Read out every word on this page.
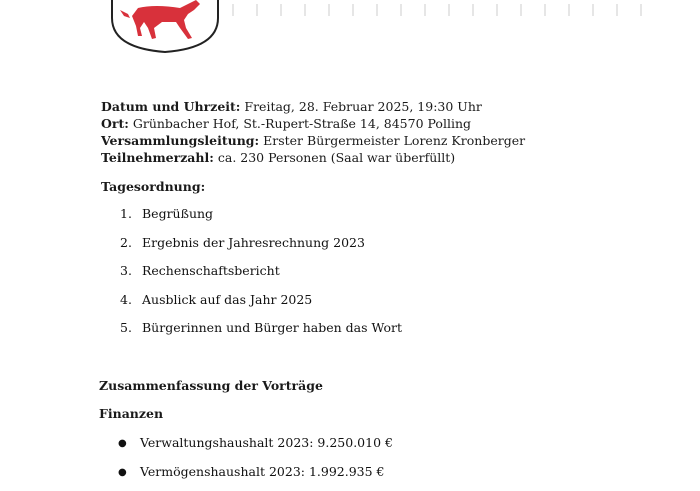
Datum und Uhrzeit: Freitag, 28. Februar 2025, 19:30 Uhr
Ort: Grünbacher Hof, St.-Rupert-Straße 14, 84570 Polling
Versammlungsleitung: Erster Bürgermeister Lorenz Kronberger
Teilnehmerzahl: ca. 230 Personen (Saal war überfüllt)
Tagesordnung:
1. Begrüßung
2. Ergebnis der Jahresrechnung 2023
3. Rechenschaftsbericht
4. Ausblick auf das Jahr 2025
5. Bürgerinnen und Bürger haben das Wort
Zusammenfassung der Vorträge
Finanzen
● Verwaltungshaushalt 2023: 9.250.010 €
● Vermögenshaushalt 2023: 1.992.935 €
